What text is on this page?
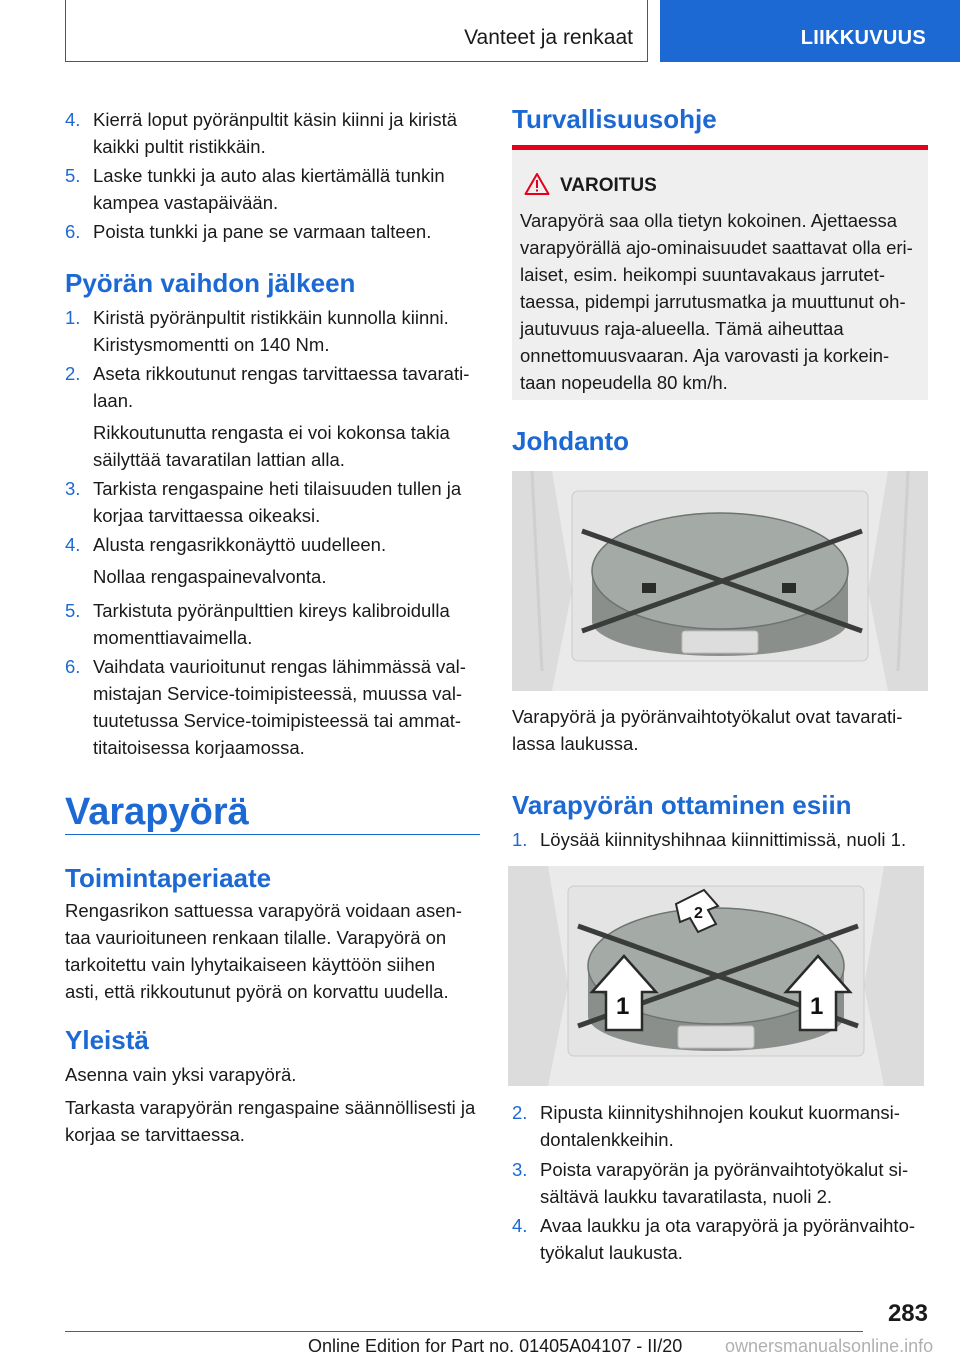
Vanteet ja renkaat	LIIKKUVUUS
4. Kierrä loput pyöränpultit käsin kiinni ja kiristä
kaikki pultit ristikkäin.
5. Laske tunkki ja auto alas kiertämällä tunkin
kampea vastapäivään.
6. Poista tunkki ja pane se varmaan talteen.
Pyörän vaihdon jälkeen
1. Kiristä pyöränpultit ristikkäin kunnolla kiinni.
Kiristysmomentti on 140 Nm.
2. Aseta rikkoutunut rengas tarvittaessa tavarati‐
laan.
Rikkoutunutta rengasta ei voi kokonsa takia
säilyttää tavaratilan lattian alla.
3. Tarkista rengaspaine heti tilaisuuden tullen ja
korjaa tarvittaessa oikeaksi.
4. Alusta rengasrikkonäyttö uudelleen.
Nollaa rengaspainevalvonta.
5. Tarkistuta pyöränpulttien kireys kalibroidulla
momenttiavaimella.
6. Vaihdata vaurioitunut rengas lähimmässä val‐
mistajan Service-toimipisteessä, muussa val‐
tuutetussa Service-toimipisteessä tai ammat‐
titaitoisessa korjaamossa.
Varapyörä
Toimintaperiaate
Rengasrikon sattuessa varapyörä voidaan asen‐
taa vaurioituneen renkaan tilalle. Varapyörä on
tarkoitettu vain lyhytaikaiseen käyttöön siihen
asti, että rikkoutunut pyörä on korvattu uudella.
Yleistä
Asenna vain yksi varapyörä.
Tarkasta varapyörän rengaspaine säännöllisesti ja
korjaa se tarvittaessa.
Turvallisuusohje
VAROITUS
Varapyörä saa olla tietyn kokoinen. Ajettaessa
varapyörällä ajo-ominaisuudet saattavat olla eri‐
laiset, esim. heikompi suuntavakaus jarrutet‐
taessa, pidempi jarrutusmatka ja muuttunut oh‐
jautuvuus raja-alueella. Tämä aiheuttaa
onnettomuusvaaran. Aja varovasti ja korkein‐
taan nopeudella 80 km/h.
Johdanto
Varapyörä ja pyöränvaihtotyökalut ovat tavarati‐
lassa laukussa.
Varapyörän ottaminen esiin
1. Löysää kiinnityshihnaa kiinnittimissä, nuoli 1.
2
1	1
2. Ripusta kiinnityshihnojen koukut kuormansi‐
dontalenkkeihin.
3. Poista varapyörän ja pyöränvaihtotyökalut si‐
sältävä laukku tavaratilasta, nuoli 2.
4. Avaa laukku ja ota varapyörä ja pyöränvaihto‐
työkalut laukusta.
283
Online Edition for Part no. 01405A04107 - II/20 ownersmanualsonline.info
